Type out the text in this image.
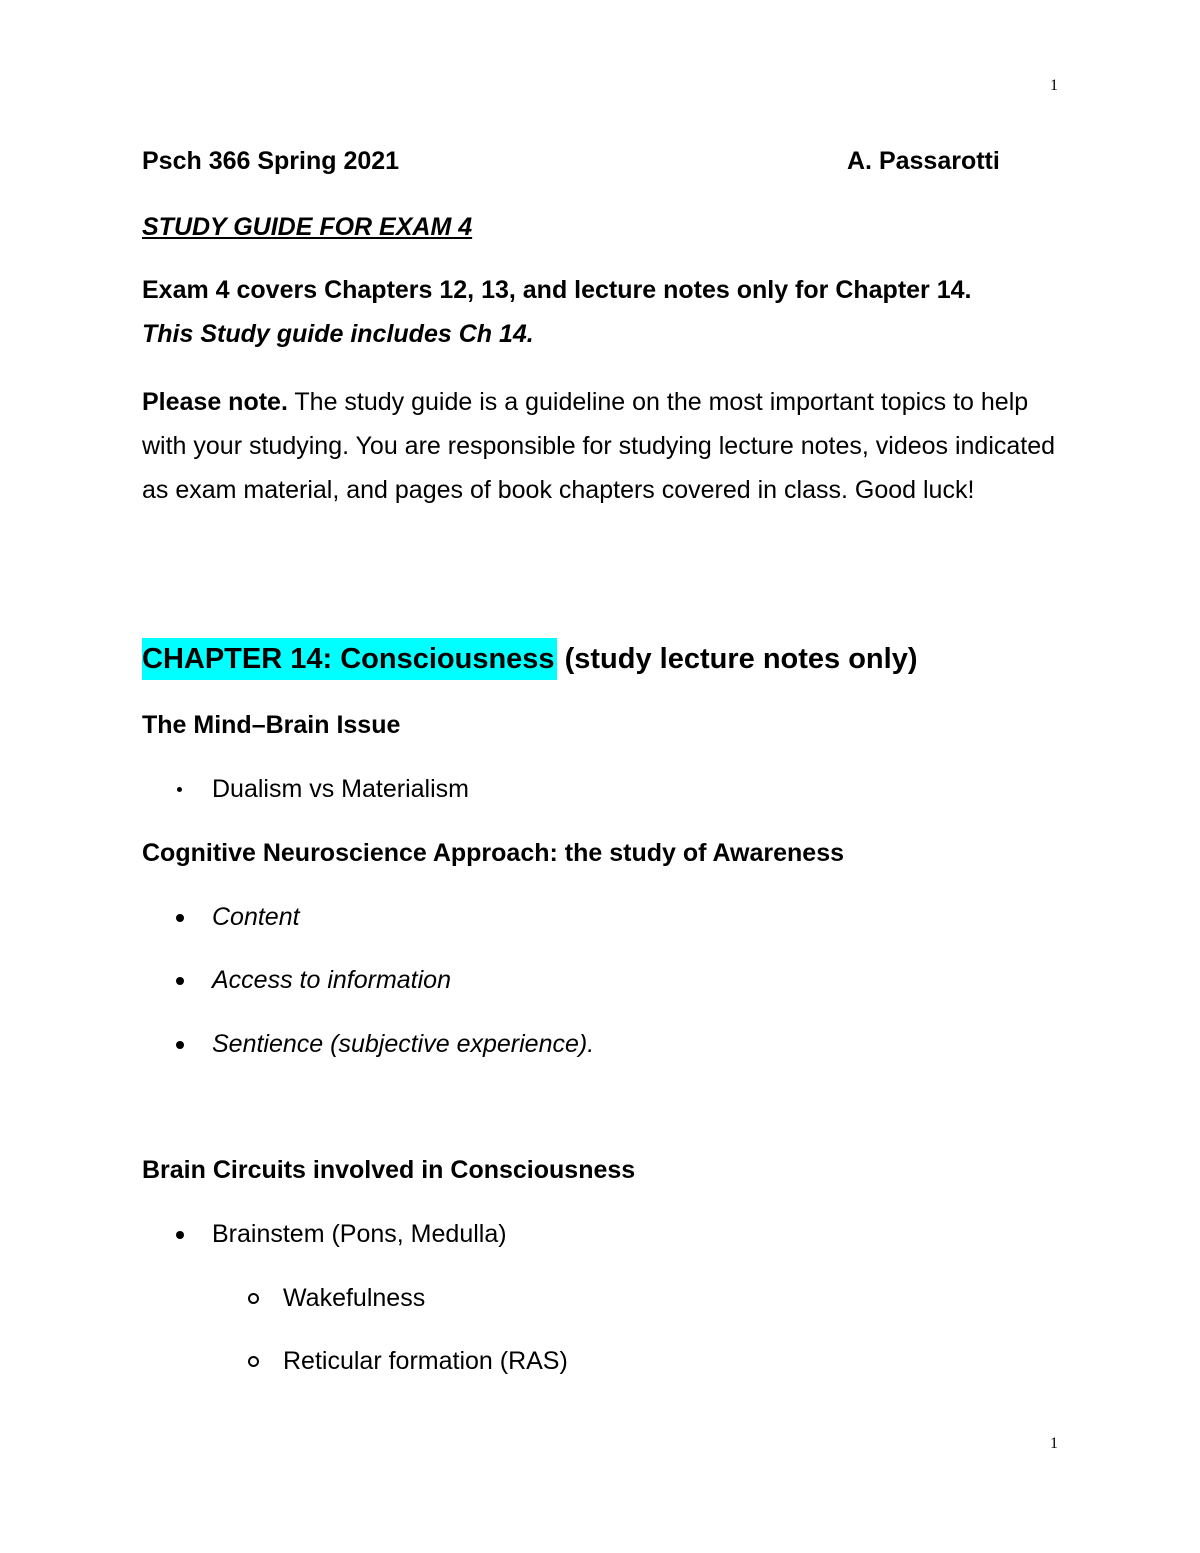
1
Psch 366 Spring 2021	A. Passarotti
STUDY GUIDE FOR EXAM 4
Exam 4 covers Chapters 12, 13, and lecture notes only for Chapter 14.
This Study guide includes Ch 14.

Please note. The study guide is a guideline on the most important topics to help with your studying. You are responsible for studying lecture notes, videos indicated as exam material, and pages of book chapters covered in class. Good luck!

CHAPTER 14: Consciousness (study lecture notes only)
The Mind–Brain Issue
Dualism vs Materialism
Cognitive Neuroscience Approach: the study of Awareness
Content
Access to information
Sentience (subjective experience).
Brain Circuits involved in Consciousness
Brainstem (Pons, Medulla)
Wakefulness
Reticular formation (RAS)
1
